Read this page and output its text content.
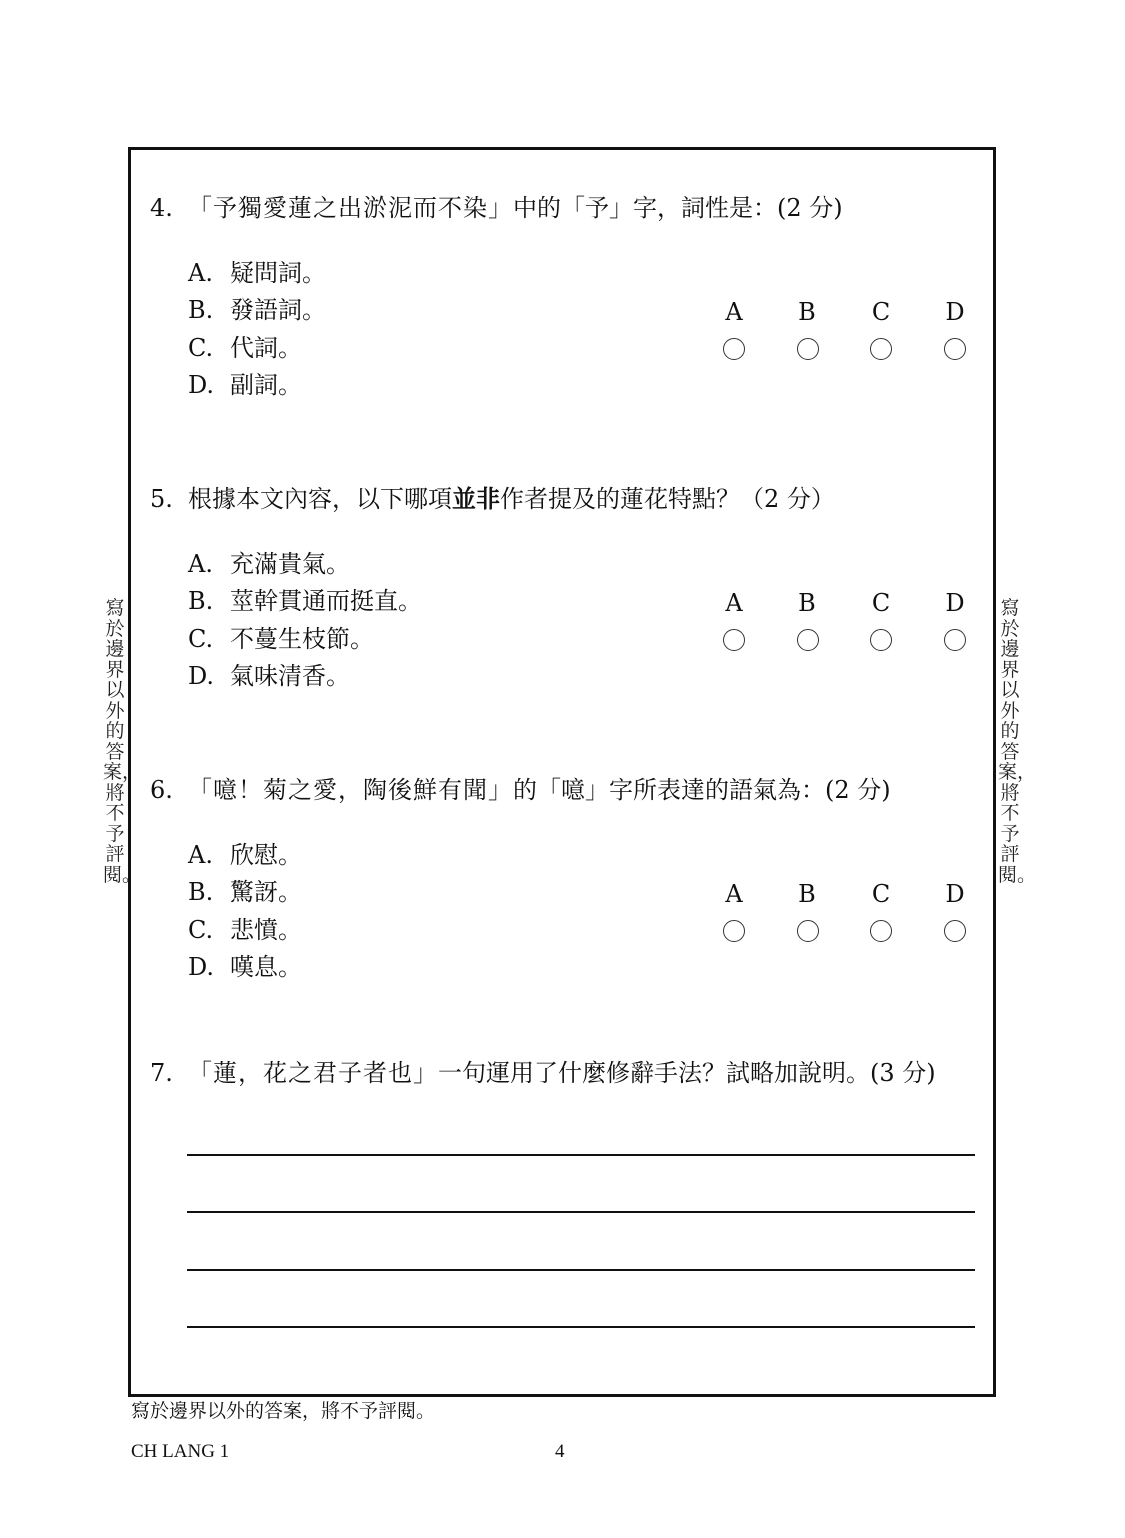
4. 「予獨愛蓮之出淤泥而不染」中的「予」字，詞性是：(2 分)
A. 疑問詞。
B. 發語詞。
C. 代詞。
D. 副詞。
A B C D
5. 根據本文內容，以下哪項並非作者提及的蓮花特點？（2 分）
A. 充滿貴氣。
B. 莖幹貫通而挺直。
C. 不蔓生枝節。
D. 氣味清香。
A B C D
6. 「噫！菊之愛，陶後鮮有聞」的「噫」字所表達的語氣為：(2 分)
A. 欣慰。
B. 驚訝。
C. 悲憤。
D. 嘆息。
A B C D
7. 「蓮，花之君子者也」一句運用了什麼修辭手法？試略加說明。(3 分)
寫於邊界以外的答案，將不予評閱。
寫於邊界以外的答案，將不予評閱。
寫於邊界以外的答案，將不予評閱。
CH LANG 1	4
